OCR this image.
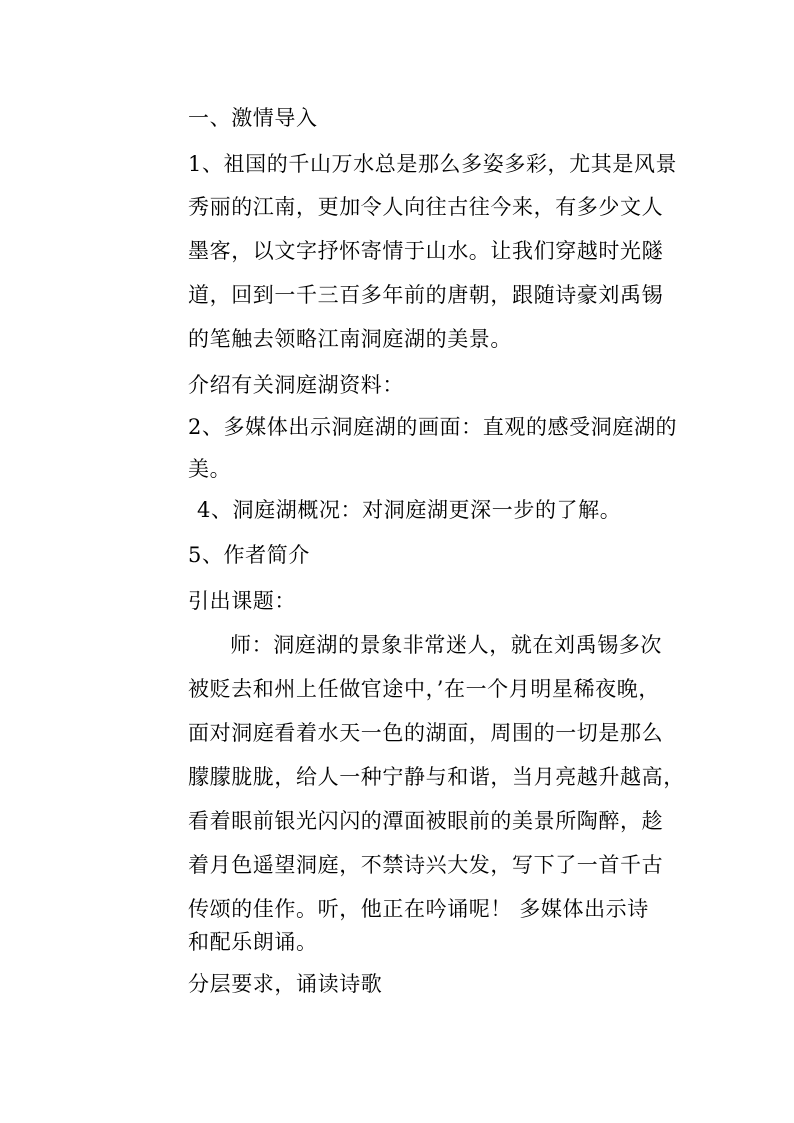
一、激情导入
1、祖国的千山万水总是那么多姿多彩，尤其是风景
秀丽的江南，更加令人向往古往今来，有多少文人
墨客，以文字抒怀寄情于山水。让我们穿越时光隧
道，回到一千三百多年前的唐朝，跟随诗豪刘禹锡
的笔触去领略江南洞庭湖的美景。
介绍有关洞庭湖资料：
2、多媒体出示洞庭湖的画面：直观的感受洞庭湖的
美。
4、洞庭湖概况：对洞庭湖更深一步的了解。
5、作者简介
引出课题：
师：洞庭湖的景象非常迷人，就在刘禹锡多次
被贬去和州上任做官途中，’在一个月明星稀夜晚，
面对洞庭看着水天一色的湖面，周围的一切是那么
朦朦胧胧，给人一种宁静与和谐，当月亮越升越高，
看着眼前银光闪闪的潭面被眼前的美景所陶醉，趁
着月色遥望洞庭，不禁诗兴大发，写下了一首千古
传颂的佳作。听，他正在吟诵呢！ 多媒体出示诗
和配乐朗诵。
分层要求，诵读诗歌
